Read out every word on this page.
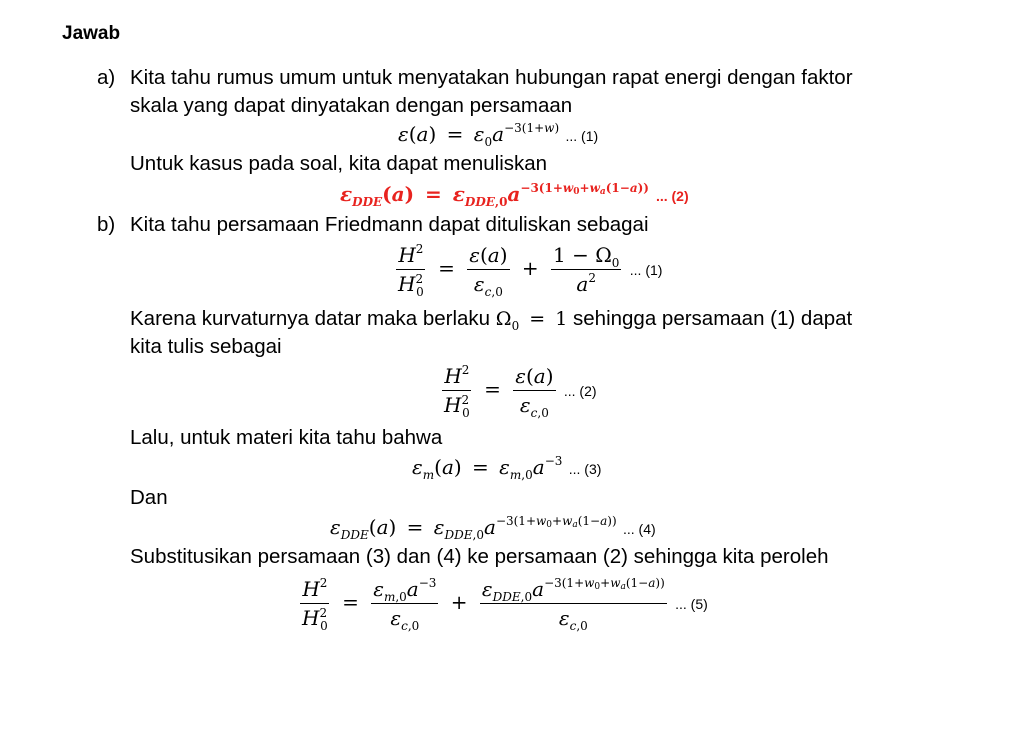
Jawab
a) Kita tahu rumus umum untuk menyatakan hubungan rapat energi dengan faktor
skala yang dapat dinyatakan dengan persamaan
$\varepsilon(a) = \varepsilon_0a^{-3(1+w)}$ ... (1)
Untuk kasus pada soal, kita dapat menuliskan
$\varepsilon_{DDE}(a) = \varepsilon_{DDE,0}a^{-3(1+w_0+w_a(1-a))}$ ... (2)
b) Kita tahu persamaan Friedmann dapat dituliskan sebagai
$\frac{H^2}{H^2_0} = \frac{\varepsilon(a)}{\varepsilon_{c,0}} + \frac{1 - \Omega_0}{a^2}$ ... (1)
Karena kurvaturnya datar maka berlaku $\Omega_0 = 1$ sehingga persamaan (1) dapat
kita tulis sebagai
$\frac{H^2}{H^2_0} = \frac{\varepsilon(a)}{\varepsilon_{c,0}}$ ... (2)
Lalu, untuk materi kita tahu bahwa
$\varepsilon_m(a) = \varepsilon_{m,0}a^{-3}$ ... (3)
Dan
$\varepsilon_{DDE}(a) = \varepsilon_{DDE,0}a^{-3(1+w_0+w_a(1-a))}$ ... (4)
Substitusikan persamaan (3) dan (4) ke persamaan (2) sehingga kita peroleh
$\frac{H^2}{H^2_0} = \frac{\varepsilon_{m,0}a^{-3}}{\varepsilon_{c,0}} + \frac{\varepsilon_{DDE,0}a^{-3(1+w_0+w_a(1-a))}}{\varepsilon_{c,0}}$ ... (5)
